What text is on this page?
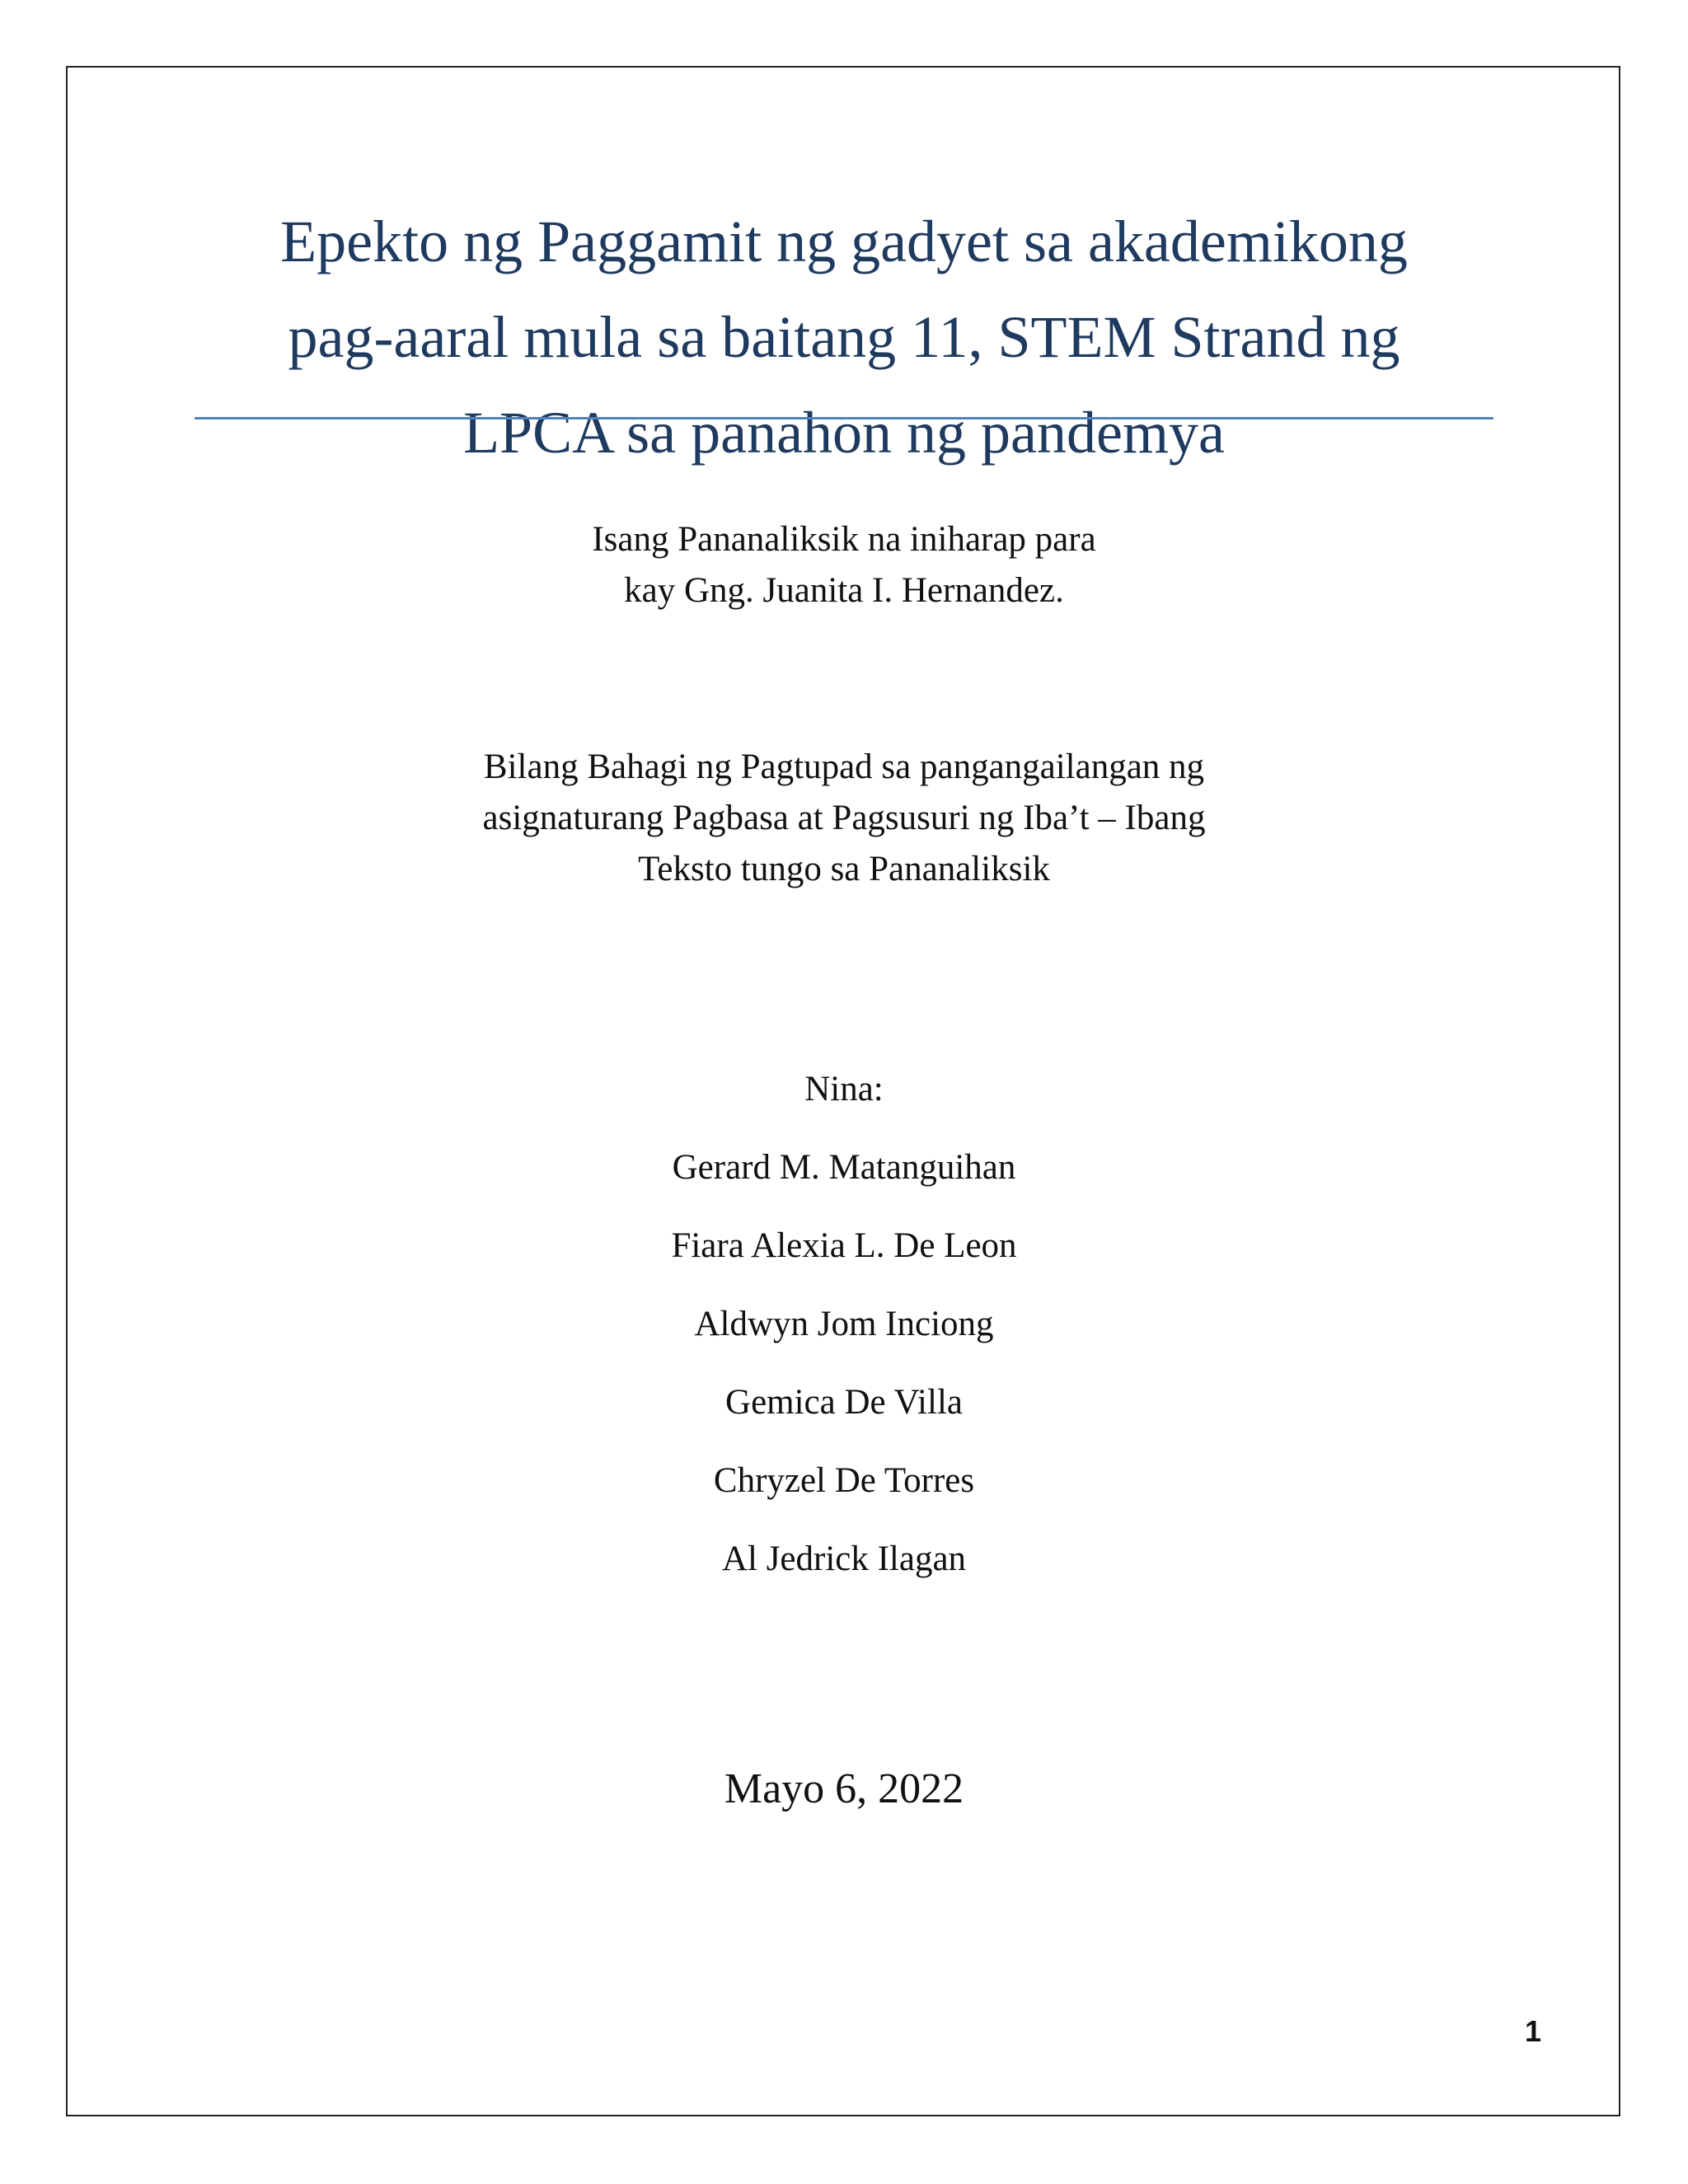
Epekto ng Paggamit ng gadyet sa akademikong
pag-aaral mula sa baitang 11, STEM Strand ng
LPCA sa panahon ng pandemya
Isang Pananaliksik na iniharap para
kay Gng. Juanita I. Hernandez.
Bilang Bahagi ng Pagtupad sa pangangailangan ng
asignaturang Pagbasa at Pagsusuri ng Iba’t – Ibang
Teksto tungo sa Pananaliksik
Nina:
Gerard M. Matanguihan
Fiara Alexia L. De Leon
Aldwyn Jom Inciong
Gemica De Villa
Chryzel De Torres
Al Jedrick Ilagan
Mayo 6, 2022
1
